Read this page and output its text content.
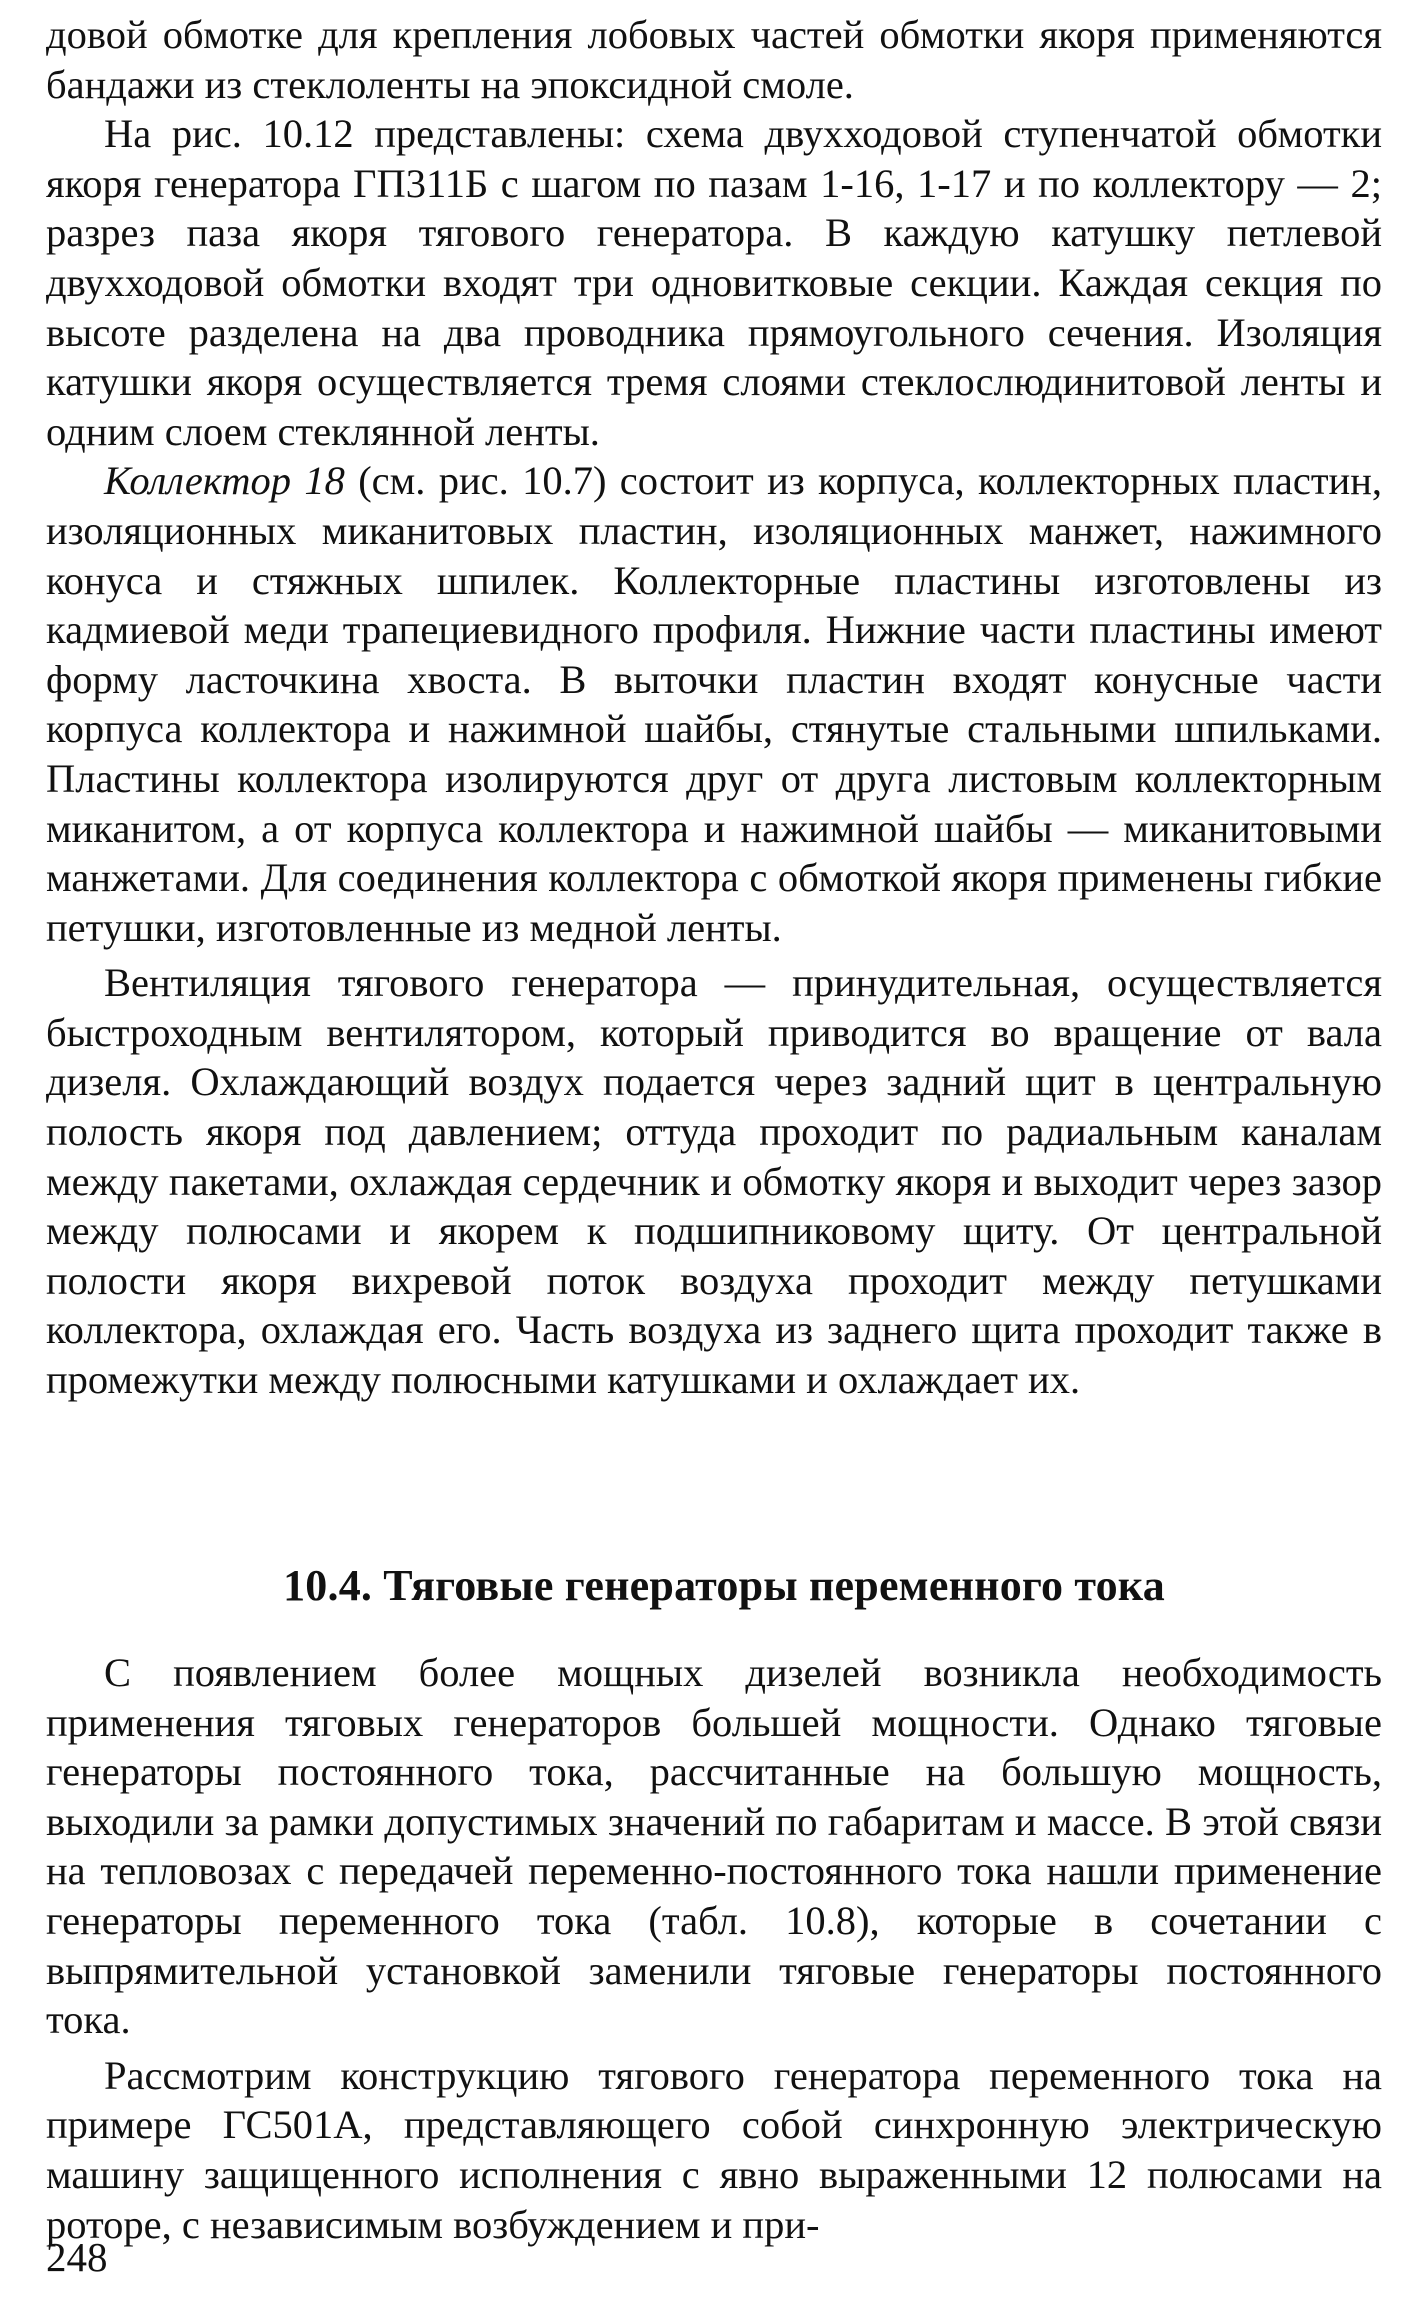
довой обмотке для крепления лобовых частей обмотки якоря применяются бандажи из стеклоленты на эпоксидной смоле.

На рис. 10.12 представлены: схема двухходовой ступенчатой обмотки якоря генератора ГП311Б с шагом по пазам 1-16, 1-17 и по коллектору — 2; разрез паза якоря тягового генератора. В каждую катушку петлевой двухходовой обмотки входят три одновитковые секции. Каждая секция по высоте разделена на два проводника прямоугольного сечения. Изоляция катушки якоря осуществляется тремя слоями стеклослюдинитовой ленты и одним слоем стеклянной ленты.

Коллектор 18 (см. рис. 10.7) состоит из корпуса, коллекторных пластин, изоляционных миканитовых пластин, изоляционных манжет, нажимного конуса и стяжных шпилек. Коллекторные пластины изготовлены из кадмиевой меди трапециевидного профиля. Нижние части пластины имеют форму ласточкина хвоста. В выточки пластин входят конусные части корпуса коллектора и нажимной шайбы, стянутые стальными шпильками. Пластины коллектора изолируются друг от друга листовым коллекторным миканитом, а от корпуса коллектора и нажимной шайбы — миканитовыми манжетами. Для соединения коллектора с обмоткой якоря применены гибкие петушки, изготовленные из медной ленты.

Вентиляция тягового генератора — принудительная, осуществляется быстроходным вентилятором, который приводится во вращение от вала дизеля. Охлаждающий воздух подается через задний щит в центральную полость якоря под давлением; оттуда проходит по радиальным каналам между пакетами, охлаждая сердечник и обмотку якоря и выходит через зазор между полюсами и якорем к подшипниковому щиту. От центральной полости якоря вихревой поток воздуха проходит между петушками коллектора, охлаждая его. Часть воздуха из заднего щита проходит также в промежутки между полюсными катушками и охлаждает их.

10.4. Тяговые генераторы переменного тока

С появлением более мощных дизелей возникла необходимость применения тяговых генераторов большей мощности. Однако тяговые генераторы постоянного тока, рассчитанные на большую мощность, выходили за рамки допустимых значений по габаритам и массе. В этой связи на тепловозах с передачей переменно-постоянного тока нашли применение генераторы переменного тока (табл. 10.8), которые в сочетании с выпрямительной установкой заменили тяговые генераторы постоянного тока.

Рассмотрим конструкцию тягового генератора переменного тока на примере ГС501А, представляющего собой синхронную электрическую машину защищенного исполнения с явно выраженными 12 полюсами на роторе, с независимым возбуждением и при-

248
